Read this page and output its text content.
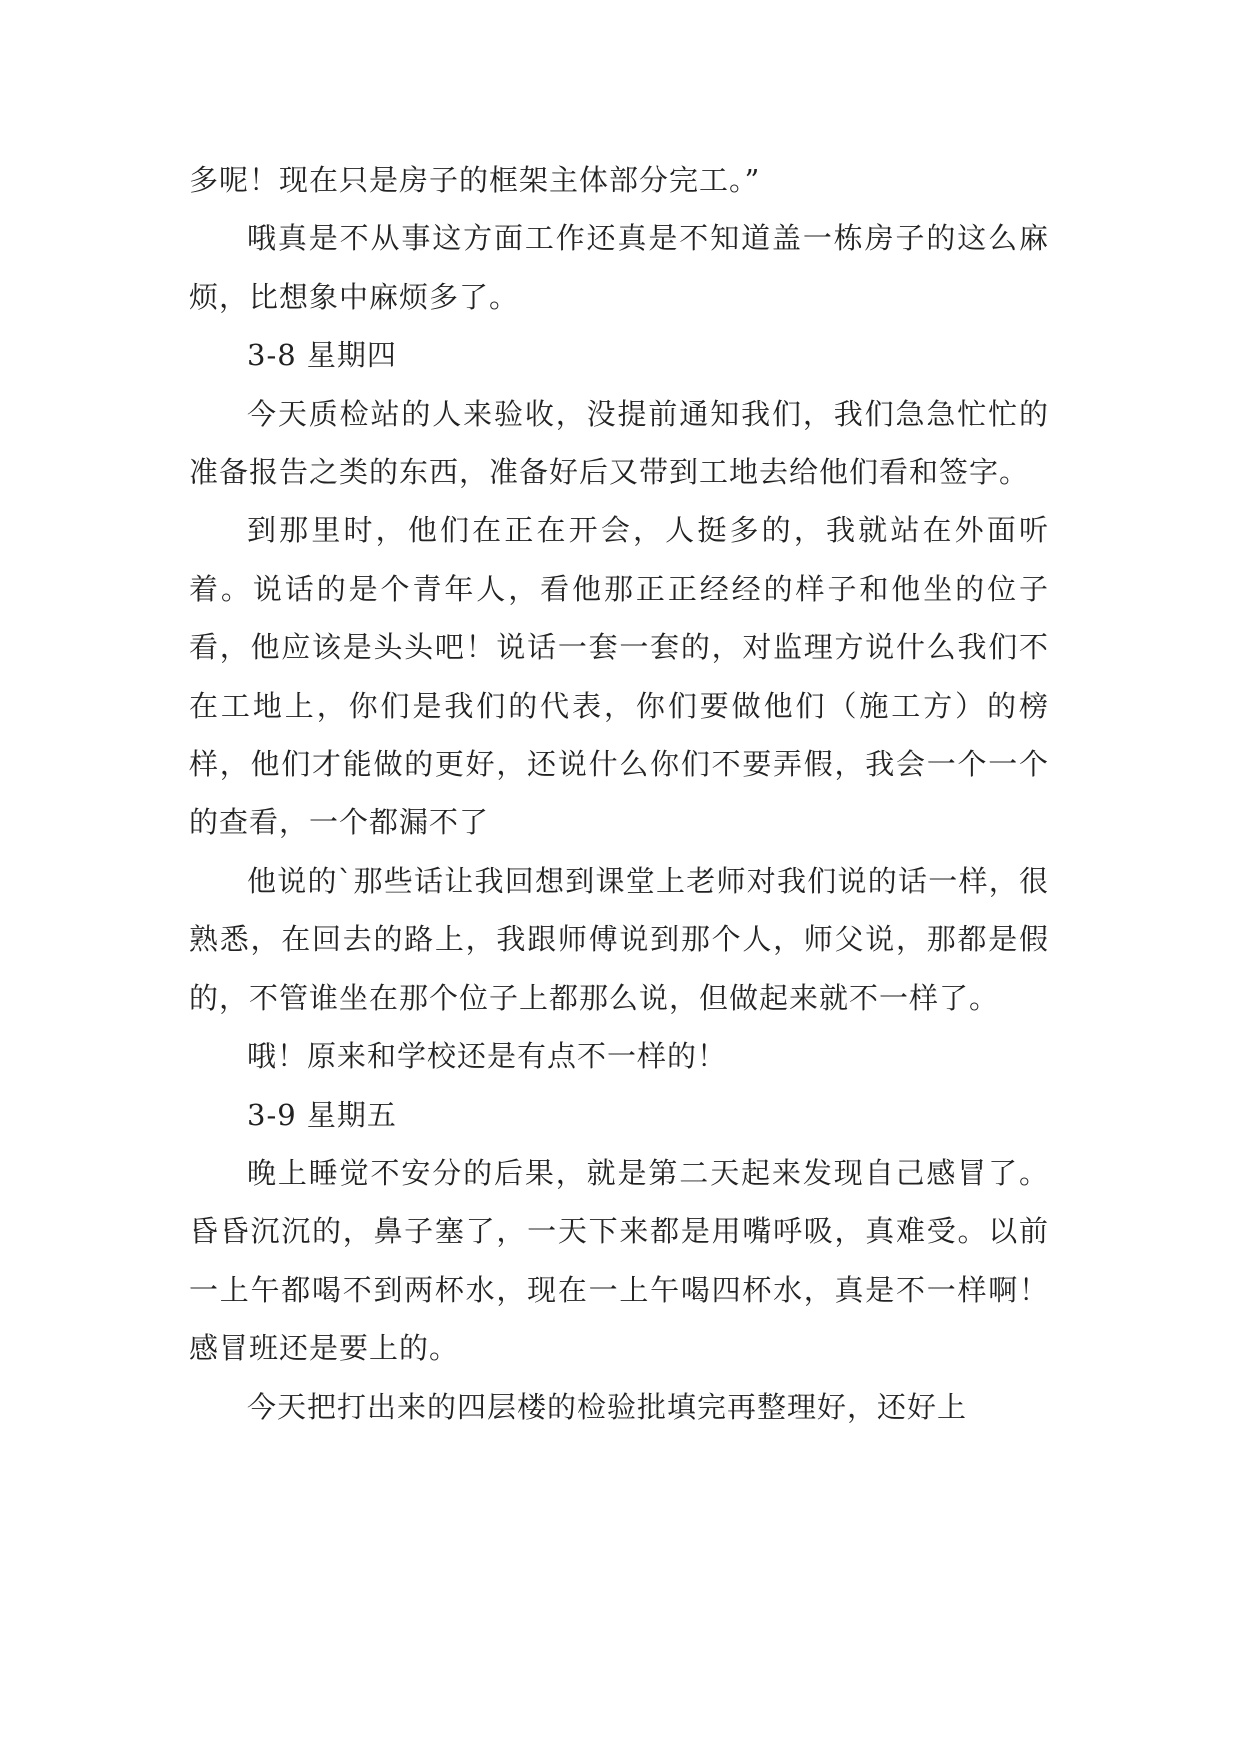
多呢！现在只是房子的框架主体部分完工。”

哦真是不从事这方面工作还真是不知道盖一栋房子的这么麻烦，比想象中麻烦多了。

3-8 星期四

今天质检站的人来验收，没提前通知我们，我们急急忙忙的准备报告之类的东西，准备好后又带到工地去给他们看和签字。

到那里时，他们在正在开会，人挺多的，我就站在外面听着。说话的是个青年人，看他那正正经经的样子和他坐的位子看，他应该是头头吧！说话一套一套的，对监理方说什么我们不在工地上，你们是我们的代表，你们要做他们（施工方）的榜样，他们才能做的更好，还说什么你们不要弄假，我会一个一个的查看，一个都漏不了

他说的`那些话让我回想到课堂上老师对我们说的话一样，很熟悉，在回去的路上，我跟师傅说到那个人，师父说，那都是假的，不管谁坐在那个位子上都那么说，但做起来就不一样了。

哦！原来和学校还是有点不一样的！

3-9 星期五

晚上睡觉不安分的后果，就是第二天起来发现自己感冒了。昏昏沉沉的，鼻子塞了，一天下来都是用嘴呼吸，真难受。以前一上午都喝不到两杯水，现在一上午喝四杯水，真是不一样啊！感冒班还是要上的。

今天把打出来的四层楼的检验批填完再整理好，还好上
